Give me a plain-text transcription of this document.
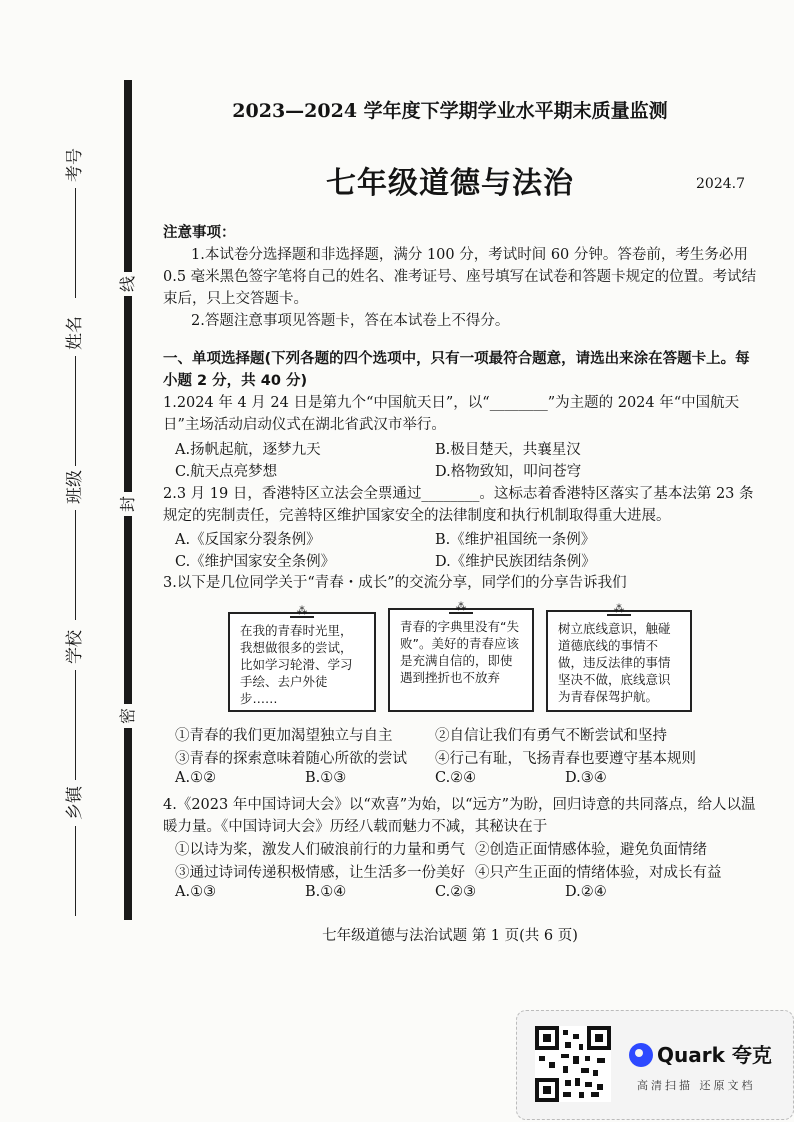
考号
姓名
班级
学校
乡镇
线
封
密
2023—2024 学年度下学期学业水平期末质量监测
七年级道德与法治	2024.7
注意事项：
1.本试卷分选择题和非选择题，满分 100 分，考试时间 60 分钟。答卷前，考生务必用 0.5 毫米黑色签字笔将自己的姓名、准考证号、座号填写在试卷和答题卡规定的位置。考试结束后，只上交答题卡。
2.答题注意事项见答题卡，答在本试卷上不得分。
一、单项选择题(下列各题的四个选项中，只有一项最符合题意，请选出来涂在答题卡上。每小题 2 分，共 40 分)
1.2024 年 4 月 24 日是第九个“中国航天日”，以“________”为主题的 2024 年“中国航天日”主场活动启动仪式在湖北省武汉市举行。
A.扬帆起航，逐梦九天	B.极目楚天，共襄星汉
C.航天点亮梦想	D.格物致知，叩问苍穹
2.3 月 19 日，香港特区立法会全票通过________。这标志着香港特区落实了基本法第 23 条规定的宪制责任，完善特区维护国家安全的法律制度和执行机制取得重大进展。
A.《反国家分裂条例》	B.《维护祖国统一条例》
C.《维护国家安全条例》	D.《维护民族团结条例》
3.以下是几位同学关于“青春・成长”的交流分享，同学们的分享告诉我们
⁂
在我的青春时光里，我想做很多的尝试，比如学习轮滑、学习手绘、去户外徒步……
⁂
青春的字典里没有“失败”。美好的青春应该是充满自信的，即使遇到挫折也不放弃
⁂
树立底线意识，触碰道德底线的事情不做，违反法律的事情坚决不做，底线意识为青春保驾护航。
①青春的我们更加渴望独立与自主	②自信让我们有勇气不断尝试和坚持
③青春的探索意味着随心所欲的尝试 ④行己有耻，飞扬青春也要遵守基本规则
A.①②	B.①③	C.②④	D.③④
4.《2023 年中国诗词大会》以“欢喜”为始，以“远方”为盼，回归诗意的共同落点，给人以温暖力量。《中国诗词大会》历经八载而魅力不减，其秘诀在于
①以诗为桨，激发人们破浪前行的力量和勇气 ②创造正面情感体验，避免负面情绪
③通过诗词传递积极情感，让生活多一份美好 ④只产生正面的情绪体验，对成长有益
A.①③	B.①④	C.②③	D.②④
七年级道德与法治试题 第 1 页(共 6 页)
Quark 夸克
高清扫描 还原文档
